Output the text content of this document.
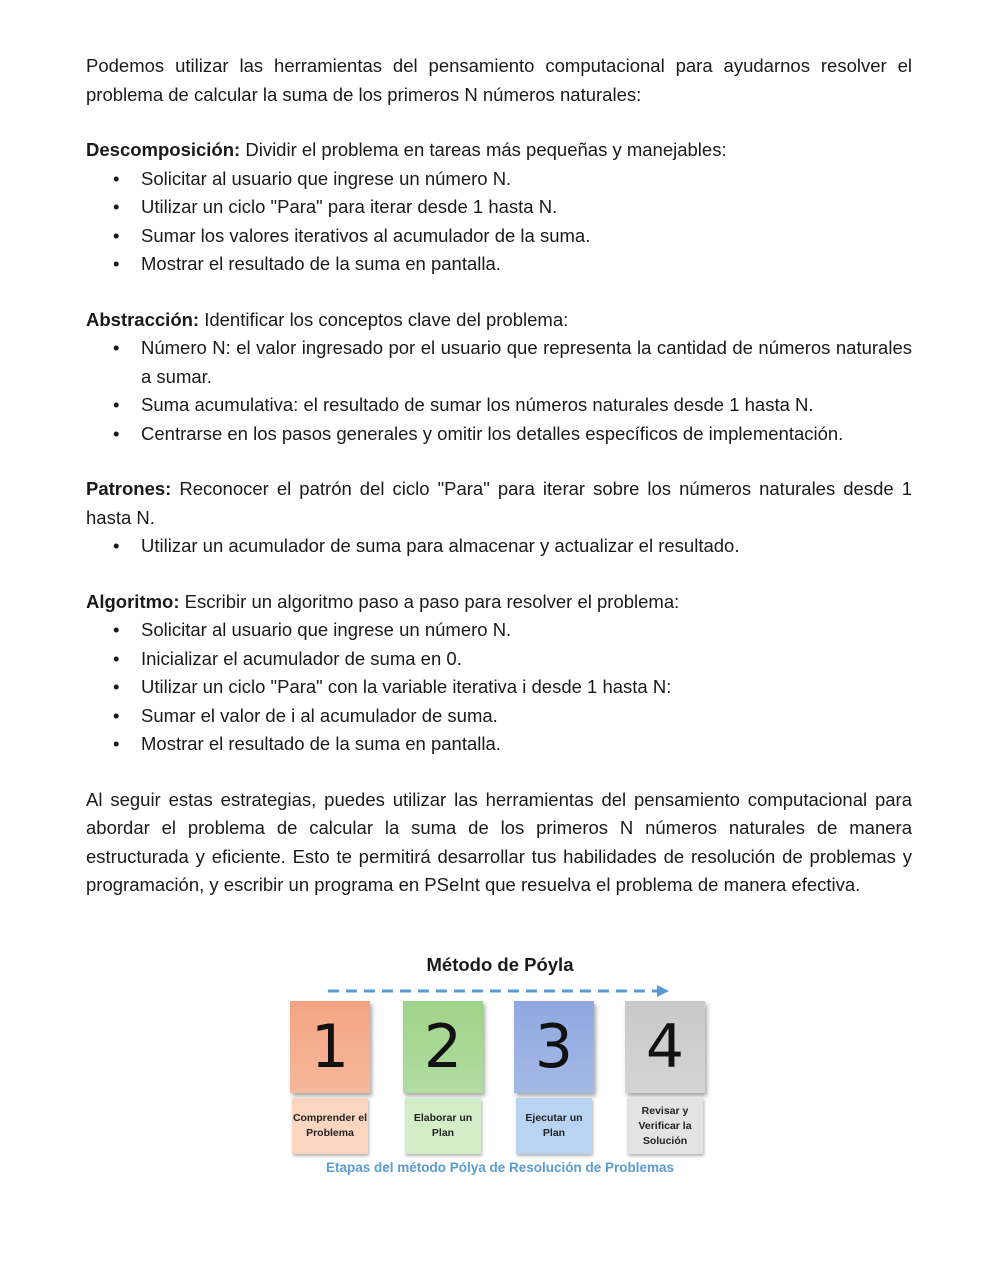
Podemos utilizar las herramientas del pensamiento computacional para ayudarnos resolver el problema de calcular la suma de los primeros N números naturales:

Descomposición: Dividir el problema en tareas más pequeñas y manejables:

• Solicitar al usuario que ingrese un número N.
• Utilizar un ciclo "Para" para iterar desde 1 hasta N.
• Sumar los valores iterativos al acumulador de la suma.
• Mostrar el resultado de la suma en pantalla.

Abstracción: Identificar los conceptos clave del problema:

• Número N: el valor ingresado por el usuario que representa la cantidad de números naturales a sumar.
• Suma acumulativa: el resultado de sumar los números naturales desde 1 hasta N.
• Centrarse en los pasos generales y omitir los detalles específicos de implementación.

Patrones: Reconocer el patrón del ciclo "Para" para iterar sobre los números naturales desde 1 hasta N.

• Utilizar un acumulador de suma para almacenar y actualizar el resultado.

Algoritmo: Escribir un algoritmo paso a paso para resolver el problema:

• Solicitar al usuario que ingrese un número N.
• Inicializar el acumulador de suma en 0.
• Utilizar un ciclo "Para" con la variable iterativa i desde 1 hasta N:
• Sumar el valor de i al acumulador de suma.
• Mostrar el resultado de la suma en pantalla.

Al seguir estas estrategias, puedes utilizar las herramientas del pensamiento computacional para abordar el problema de calcular la suma de los primeros N números naturales de manera estructurada y eficiente. Esto te permitirá desarrollar tus habilidades de resolución de problemas y programación, y escribir un programa en PSeInt que resuelva el problema de manera efectiva.

Método de Póyla
1	2	3	4
Comprender el Problema
Elaborar un Plan
Ejecutar un Plan
Revisar y Verificar la Solución
Etapas del método Pólya de Resolución de Problemas
